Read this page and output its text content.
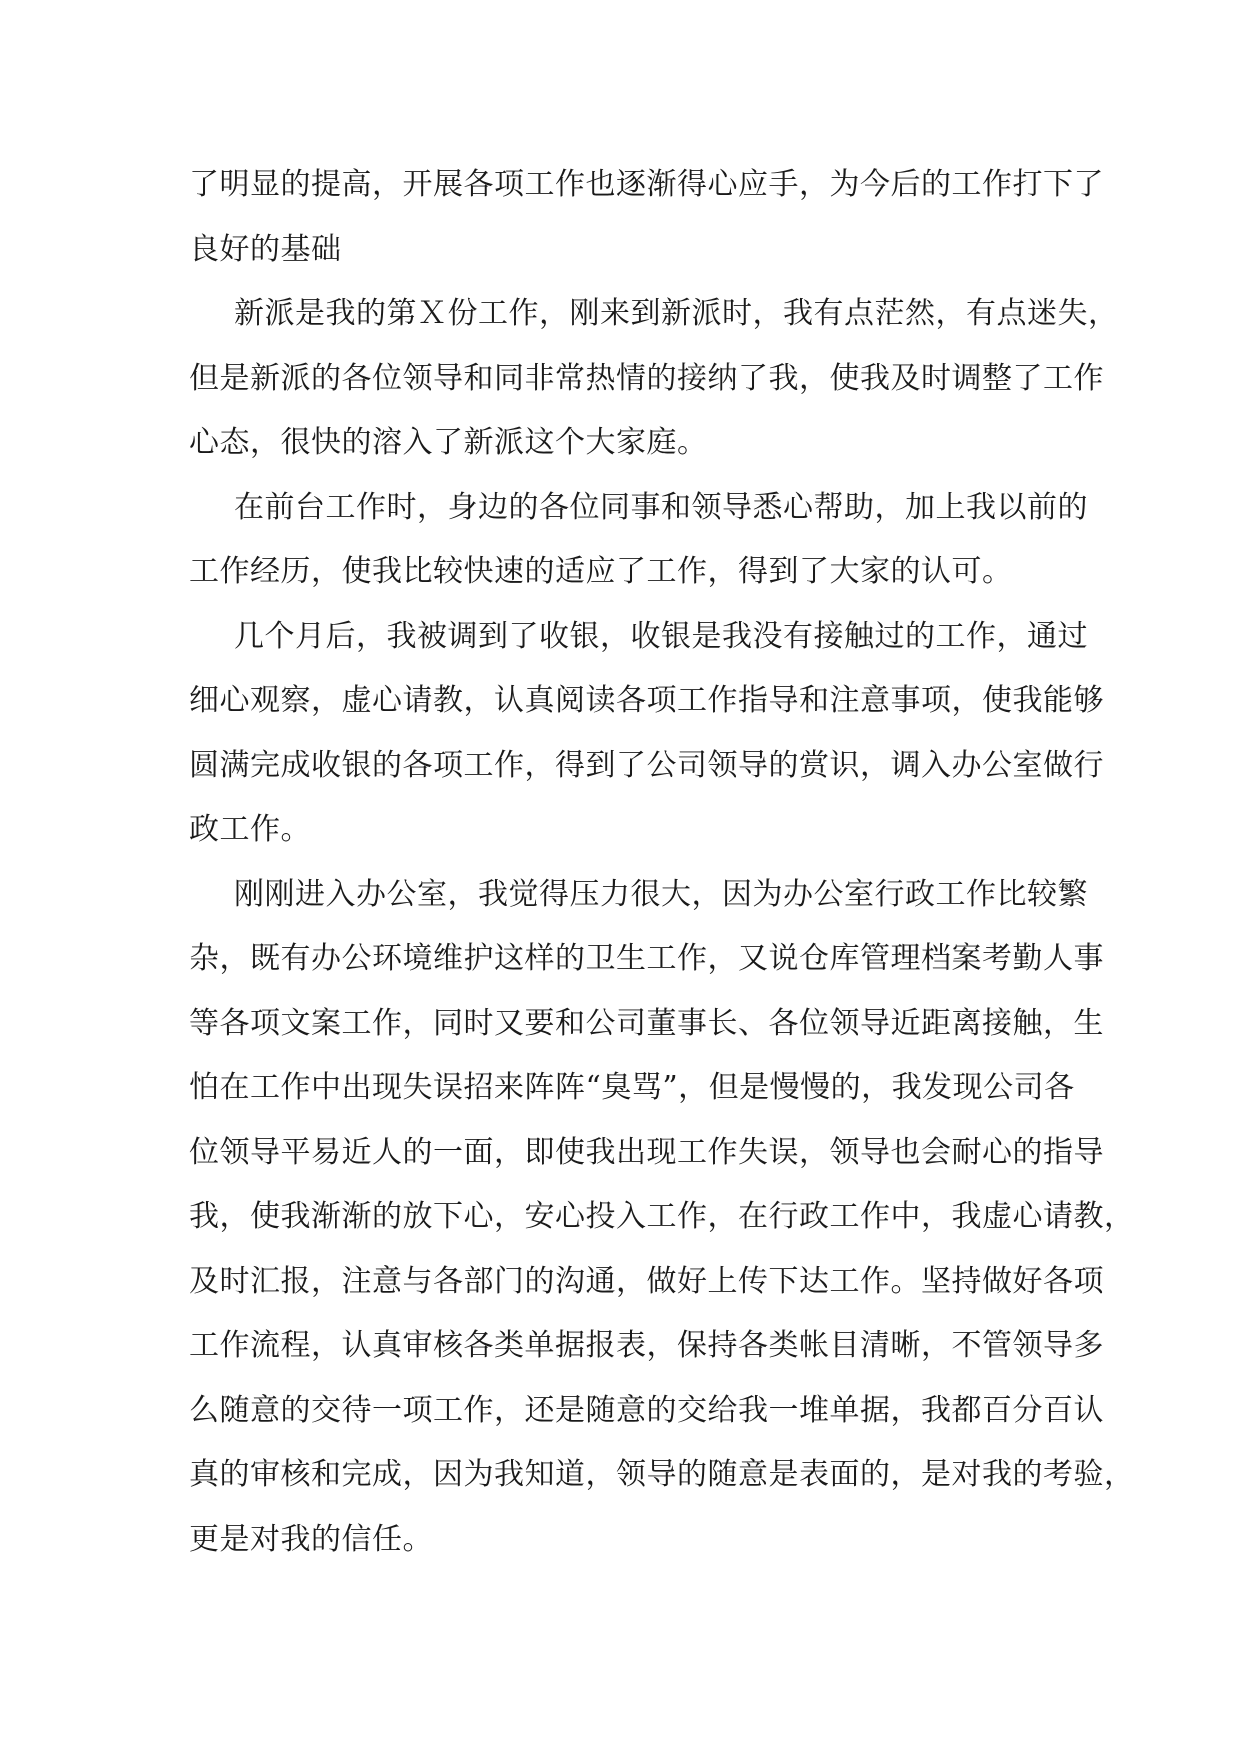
了明显的提高，开展各项工作也逐渐得心应手，为今后的工作打下了
良好的基础
新派是我的第Ｘ份工作，刚来到新派时，我有点茫然，有点迷失，
但是新派的各位领导和同非常热情的接纳了我，使我及时调整了工作
心态，很快的溶入了新派这个大家庭。
在前台工作时，身边的各位同事和领导悉心帮助，加上我以前的
工作经历，使我比较快速的适应了工作，得到了大家的认可。
几个月后，我被调到了收银，收银是我没有接触过的工作，通过
细心观察，虚心请教，认真阅读各项工作指导和注意事项，使我能够
圆满完成收银的各项工作，得到了公司领导的赏识，调入办公室做行
政工作。
刚刚进入办公室，我觉得压力很大，因为办公室行政工作比较繁
杂，既有办公环境维护这样的卫生工作，又说仓库管理档案考勤人事
等各项文案工作，同时又要和公司董事长、各位领导近距离接触，生
怕在工作中出现失误招来阵阵“臭骂”，但是慢慢的，我发现公司各
位领导平易近人的一面，即使我出现工作失误，领导也会耐心的指导
我，使我渐渐的放下心，安心投入工作，在行政工作中，我虚心请教，
及时汇报，注意与各部门的沟通，做好上传下达工作。坚持做好各项
工作流程，认真审核各类单据报表，保持各类帐目清晰，不管领导多
么随意的交待一项工作，还是随意的交给我一堆单据，我都百分百认
真的审核和完成，因为我知道，领导的随意是表面的，是对我的考验，
更是对我的信任。
